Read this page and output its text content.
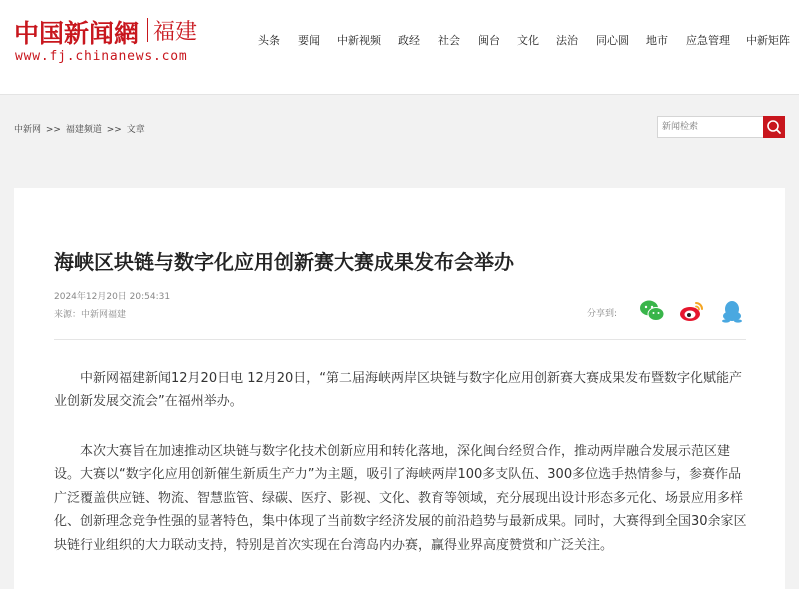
中国新闻網 福建
www.fj.chinanews.com
头条 要闻 中新视频 政经 社会 闽台 文化 法治 同心圆 地市 应急管理 中新矩阵
中新网 >> 福建频道 >> 文章
新闻检索
海峡区块链与数字化应用创新赛大赛成果发布会举办
2024年12月20日 20:54:31
来源：中新网福建	分享到:

中新网福建新闻12月20日电 12月20日，“第二届海峡两岸区块链与数字化应用创新赛大赛成果发布暨数字化赋能产业创新发展交流会”在福州举办。

本次大赛旨在加速推动区块链与数字化技术创新应用和转化落地，深化闽台经贸合作，推动两岸融合发展示范区建设。大赛以“数字化应用创新催生新质生产力”为主题，吸引了海峡两岸100多支队伍、300多位选手热情参与，参赛作品广泛覆盖供应链、物流、智慧监管、绿碳、医疗、影视、文化、教育等领域，充分展现出设计形态多元化、场景应用多样化、创新理念竞争性强的显著特色，集中体现了当前数字经济发展的前沿趋势与最新成果。同时，大赛得到全国30余家区块链行业组织的大力联动支持，特别是首次实现在台湾岛内办赛，赢得业界高度赞赏和广泛关注。
